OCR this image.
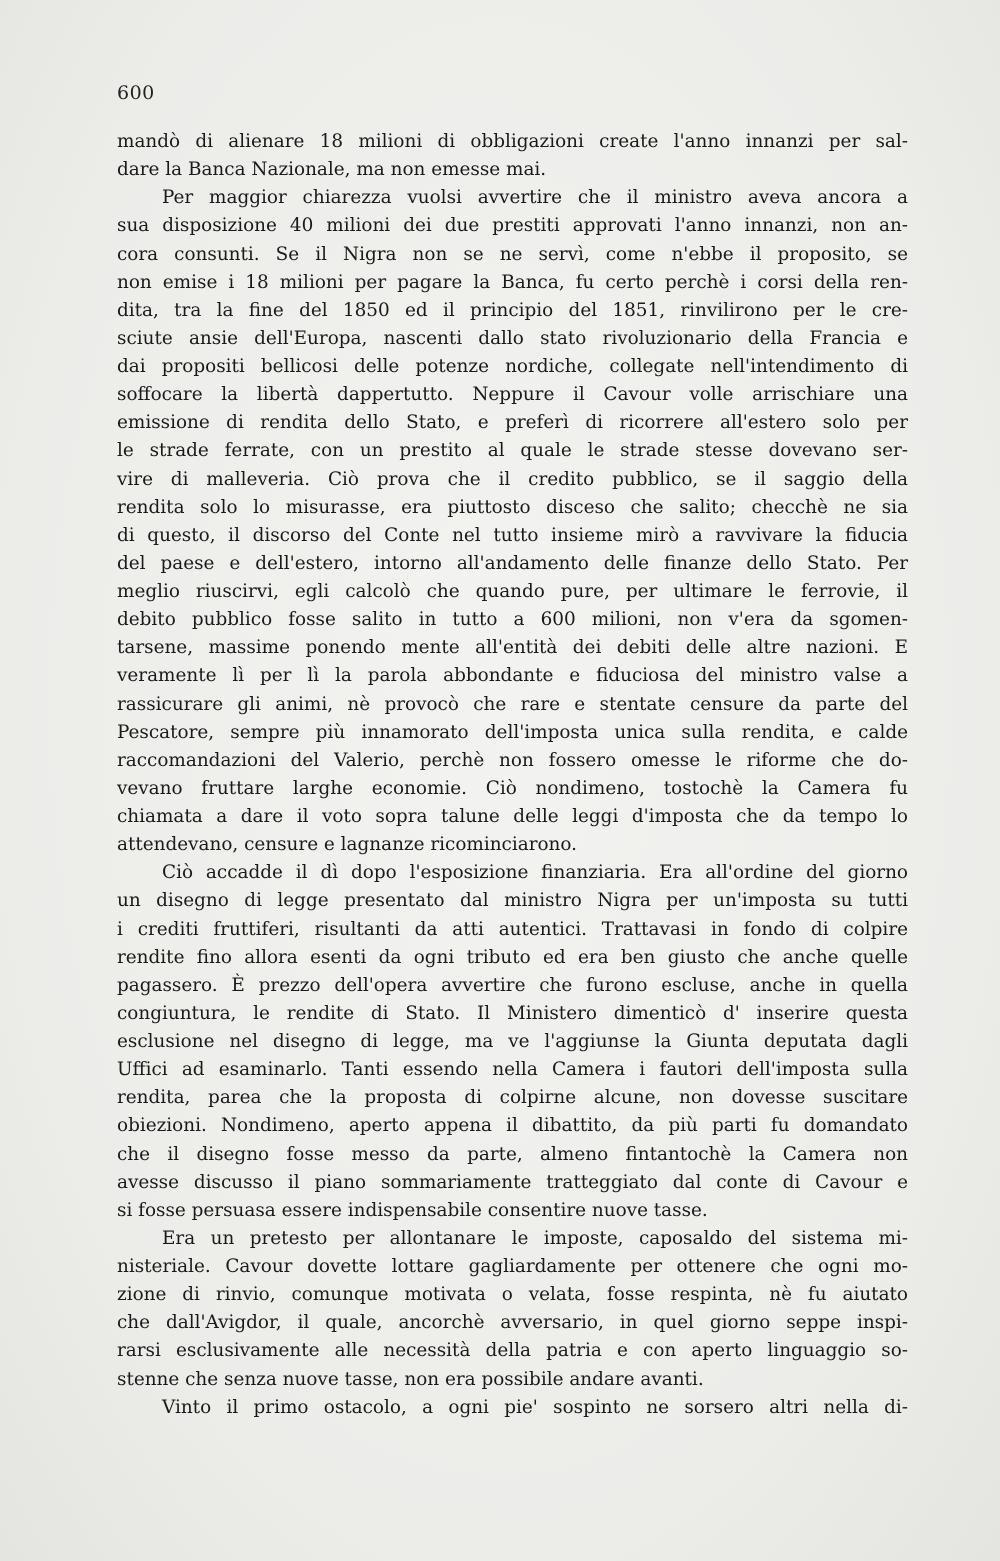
600
mandò di alienare 18 milioni di obbligazioni create l'anno innanzi per sal-
dare la Banca Nazionale, ma non emesse mai.
Per maggior chiarezza vuolsi avvertire che il ministro aveva ancora a
sua disposizione 40 milioni dei due prestiti approvati l'anno innanzi, non an-
cora consunti. Se il Nigra non se ne servì, come n'ebbe il proposito, se
non emise i 18 milioni per pagare la Banca, fu certo perchè i corsi della ren-
dita, tra la fine del 1850 ed il principio del 1851, rinvilirono per le cre-
sciute ansie dell'Europa, nascenti dallo stato rivoluzionario della Francia e
dai propositi bellicosi delle potenze nordiche, collegate nell'intendimento di
soffocare la libertà dappertutto. Neppure il Cavour volle arrischiare una
emissione di rendita dello Stato, e preferì di ricorrere all'estero solo per
le strade ferrate, con un prestito al quale le strade stesse dovevano ser-
vire di malleveria. Ciò prova che il credito pubblico, se il saggio della
rendita solo lo misurasse, era piuttosto disceso che salito; checchè ne sia
di questo, il discorso del Conte nel tutto insieme mirò a ravvivare la fiducia
del paese e dell'estero, intorno all'andamento delle finanze dello Stato. Per
meglio riuscirvi, egli calcolò che quando pure, per ultimare le ferrovie, il
debito pubblico fosse salito in tutto a 600 milioni, non v'era da sgomen-
tarsene, massime ponendo mente all'entità dei debiti delle altre nazioni. E
veramente lì per lì la parola abbondante e fiduciosa del ministro valse a
rassicurare gli animi, nè provocò che rare e stentate censure da parte del
Pescatore, sempre più innamorato dell'imposta unica sulla rendita, e calde
raccomandazioni del Valerio, perchè non fossero omesse le riforme che do-
vevano fruttare larghe economie. Ciò nondimeno, tostochè la Camera fu
chiamata a dare il voto sopra talune delle leggi d'imposta che da tempo lo
attendevano, censure e lagnanze ricominciarono.
Ciò accadde il dì dopo l'esposizione finanziaria. Era all'ordine del giorno
un disegno di legge presentato dal ministro Nigra per un'imposta su tutti
i crediti fruttiferi, risultanti da atti autentici. Trattavasi in fondo di colpire
rendite fino allora esenti da ogni tributo ed era ben giusto che anche quelle
pagassero. È prezzo dell'opera avvertire che furono escluse, anche in quella
congiuntura, le rendite di Stato. Il Ministero dimenticò d' inserire questa
esclusione nel disegno di legge, ma ve l'aggiunse la Giunta deputata dagli
Uffici ad esaminarlo. Tanti essendo nella Camera i fautori dell'imposta sulla
rendita, parea che la proposta di colpirne alcune, non dovesse suscitare
obiezioni. Nondimeno, aperto appena il dibattito, da più parti fu domandato
che il disegno fosse messo da parte, almeno fintantochè la Camera non
avesse discusso il piano sommariamente tratteggiato dal conte di Cavour e
si fosse persuasa essere indispensabile consentire nuove tasse.
Era un pretesto per allontanare le imposte, caposaldo del sistema mi-
nisteriale. Cavour dovette lottare gagliardamente per ottenere che ogni mo-
zione di rinvio, comunque motivata o velata, fosse respinta, nè fu aiutato
che dall'Avigdor, il quale, ancorchè avversario, in quel giorno seppe inspi-
rarsi esclusivamente alle necessità della patria e con aperto linguaggio so-
stenne che senza nuove tasse, non era possibile andare avanti.
Vinto il primo ostacolo, a ogni pie' sospinto ne sorsero altri nella di-
